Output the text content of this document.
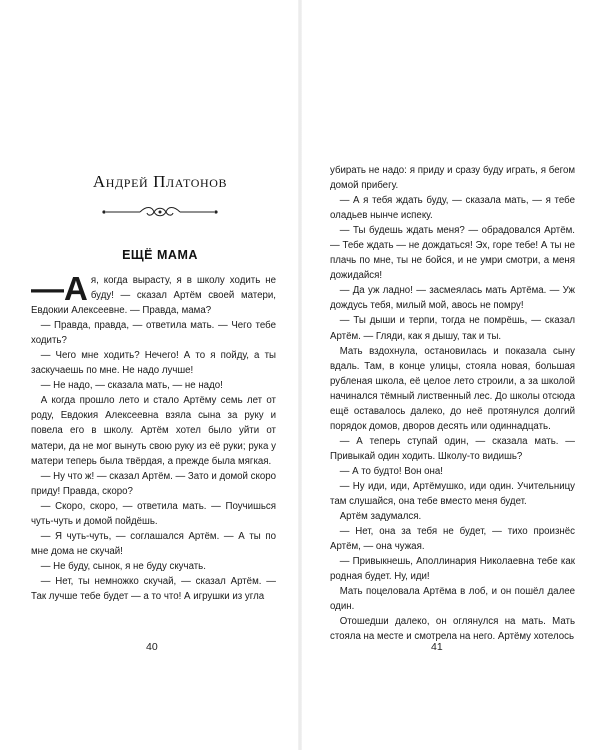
Андрей Платонов
ЕЩЁ МАМА

—А я, когда вырасту, я в школу ходить не буду! — сказал Артём своей матери, Евдокии Алексеевне. — Правда, мама?

— Правда, правда, — ответила мать. — Чего тебе ходить?

— Чего мне ходить? Нечего! А то я пойду, а ты заскучаешь по мне. Не надо лучше!

— Не надо, — сказала мать, — не надо!

А когда прошло лето и стало Артёму семь лет от роду, Евдокия Алексеевна взяла сына за руку и повела его в школу. Артём хотел было уйти от матери, да не мог вынуть свою руку из её руки; рука у матери теперь была твёрдая, а прежде была мягкая.

— Ну что ж! — сказал Артём. — Зато и домой скоро приду! Правда, скоро?

— Скоро, скоро, — ответила мать. — Поучишься чуть-чуть и домой пойдёшь.

— Я чуть-чуть, — соглашался Артём. — А ты по мне дома не скучай!

— Не буду, сынок, я не буду скучать.

— Нет, ты немножко скучай, — сказал Артём. — Так лучше тебе будет — а то что! А игрушки из угла

40

убирать не надо: я приду и сразу буду играть, я бегом домой прибегу.

— А я тебя ждать буду, — сказала мать, — я тебе оладьев нынче испеку.

— Ты будешь ждать меня? — обрадовался Артём. — Тебе ждать — не дождаться! Эх, горе тебе! А ты не плачь по мне, ты не бойся, и не умри смотри, а меня дожидайся!

— Да уж ладно! — засмеялась мать Артёма. — Уж дождусь тебя, милый мой, авось не помру!

— Ты дыши и терпи, тогда не помрёшь, — сказал Артём. — Гляди, как я дышу, так и ты.

Мать вздохнула, остановилась и показала сыну вдаль. Там, в конце улицы, стояла новая, большая рубленая школа, её целое лето строили, а за школой начинался тёмный лиственный лес. До школы отсюда ещё оставалось далеко, до неё протянулся долгий порядок домов, дворов десять или одиннадцать.

— А теперь ступай один, — сказала мать. — Привыкай один ходить. Школу-то видишь?

— А то будто! Вон она!

— Ну иди, иди, Артёмушко, иди один. Учительницу там слушайся, она тебе вместо меня будет.

Артём задумался.

— Нет, она за тебя не будет, — тихо произнёс Артём, — она чужая.

— Привыкнешь, Аполлинария Николаевна тебе как родная будет. Ну, иди!

Мать поцеловала Артёма в лоб, и он пошёл далее один.

Отошедши далеко, он оглянулся на мать. Мать стояла на месте и смотрела на него. Артёму хотелось

41
